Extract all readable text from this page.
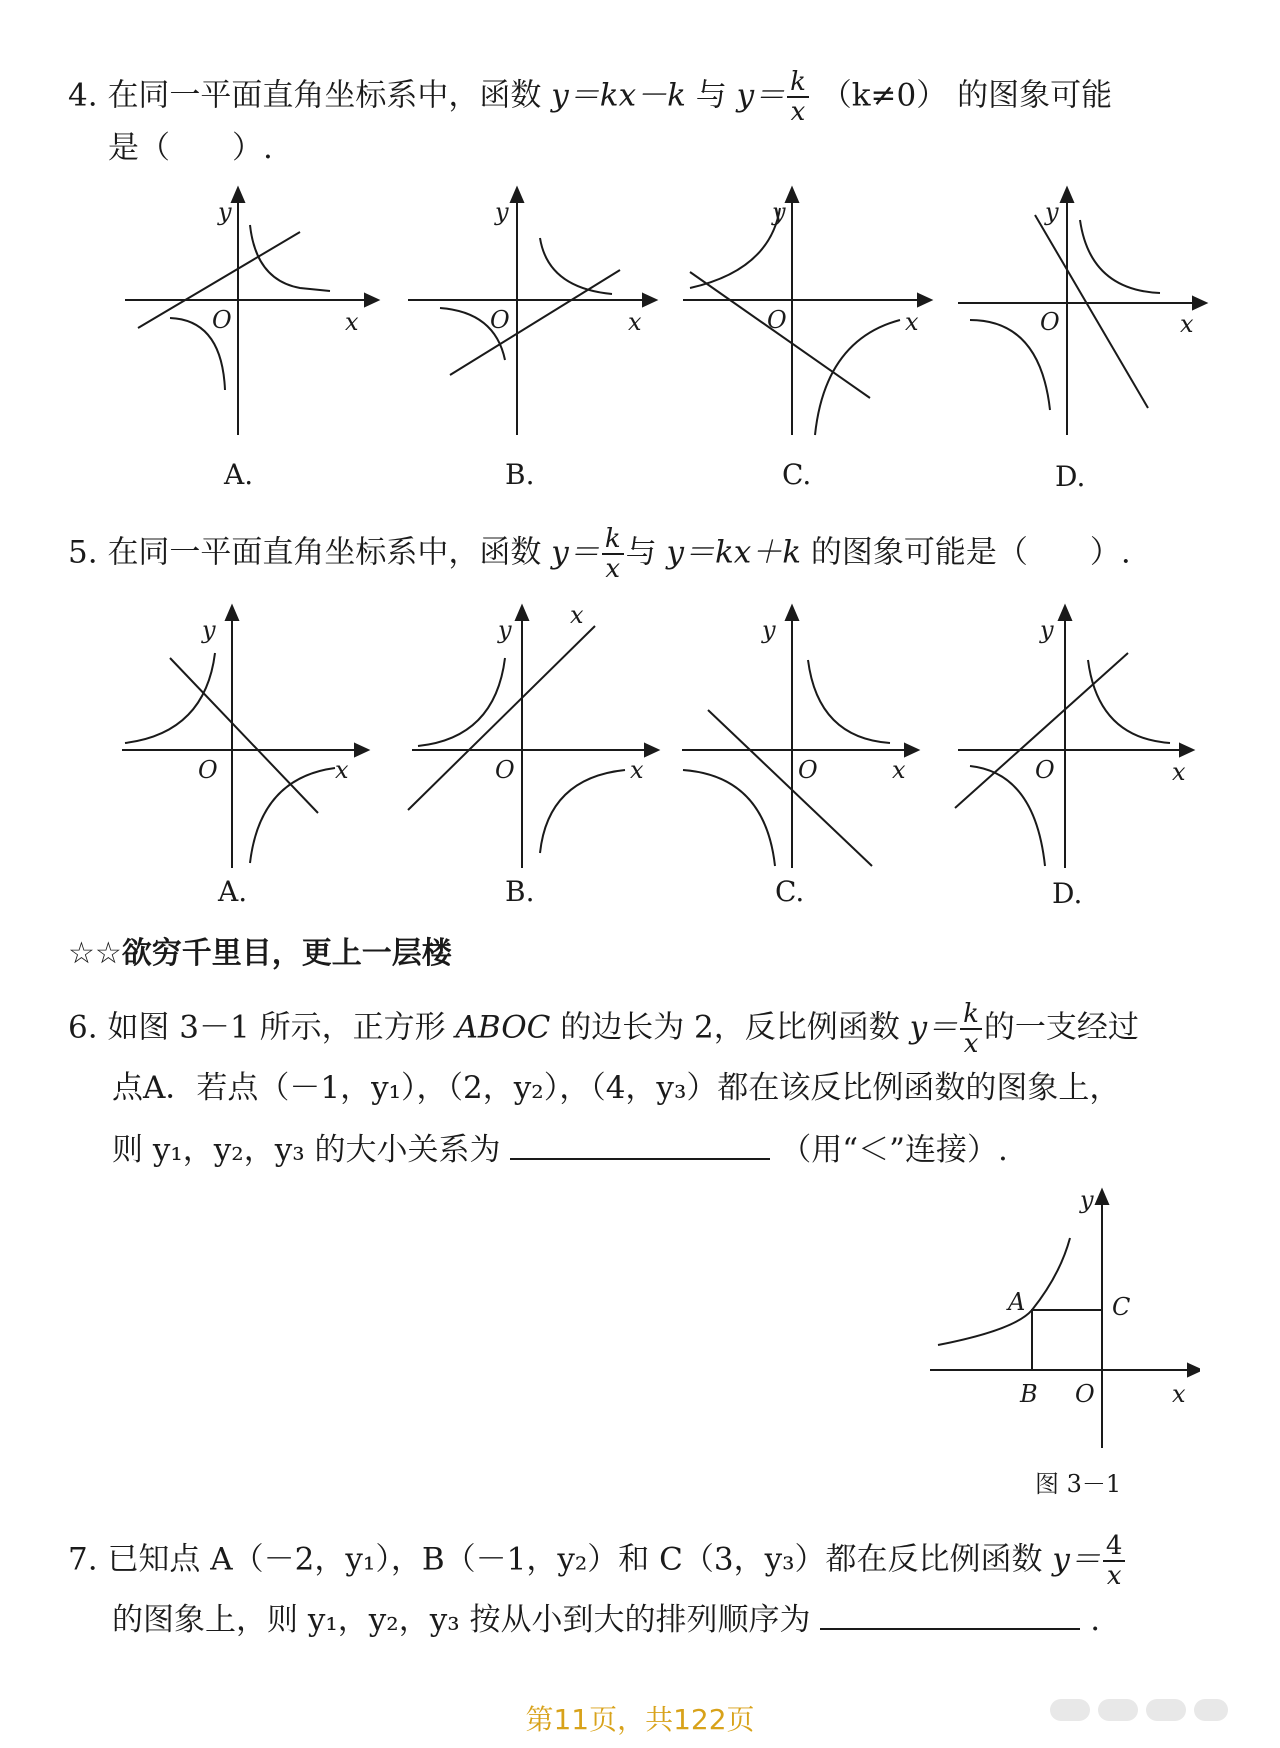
4. 在同一平面直角坐标系中，函数 y＝kx－k 与 $y= \frac{k}{x} (k\ne 0)$ 的图象可能
是（　　）.
y
O	x
y
O	x
y
O	x
y
O	x
A.	B.	C.	D.
5. 在同一平面直角坐标系中，函数 $y= \frac{k}{x}$ 与 y＝kx＋k 的图象可能是（　　）.
y
O	x
y
x
O	x
y
O	x
y
O	x
A.	B.	C.	D.
☆☆欲穷千里目，更上一层楼
6. 如图 3－1 所示，正方形 ABOC 的边长为 2，反比例函数 $y= \frac{k}{x}$ 的一支经过
点A．若点（－1，y₁），（2，y₂），（4，y₃）都在该反比例函数的图象上，
则 y₁，y₂，y₃ 的大小关系为	（用“＜”连接）.
y
A	C
B O	x
图 3－1
7. 已知点 A（－2，y₁），B（－1，y₂）和 C（3，y₃）都在反比例函数 $y= \frac{4}{x}$
的图象上，则 y₁，y₂，y₃ 按从小到大的排列顺序为	.
第11页，共122页
